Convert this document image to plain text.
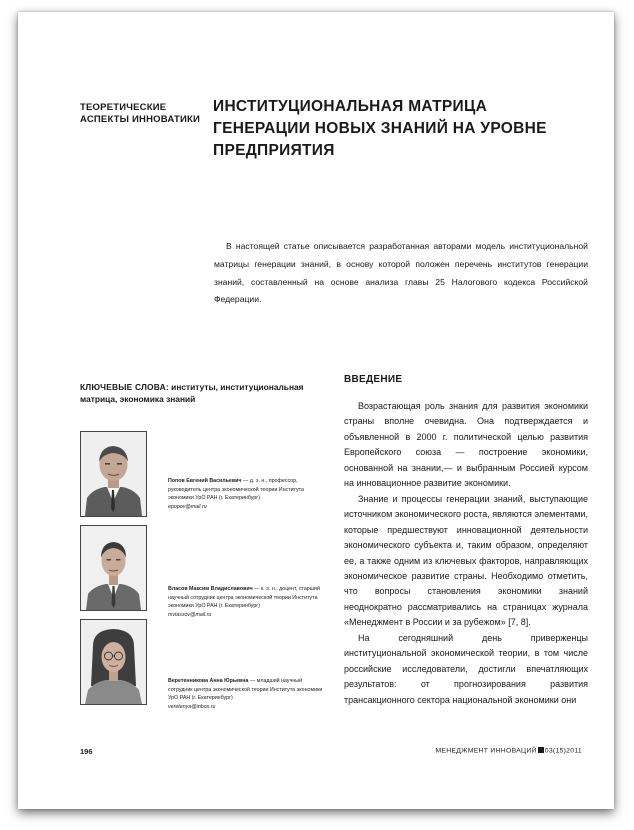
ТЕОРЕТИЧЕСКИЕ АСПЕКТЫ ИННОВАТИКИ
ИНСТИТУЦИОНАЛЬНАЯ МАТРИЦА ГЕНЕРАЦИИ НОВЫХ ЗНАНИЙ НА УРОВНЕ ПРЕДПРИЯТИЯ
В настоящей статье описывается разработанная авторами модель институциональной матрицы генерации знаний, в основу которой положен перечень институтов генерации знаний, составленный на основе анализа главы 25 Налогового кодекса Российской Федерации.
КЛЮЧЕВЫЕ СЛОВА: институты, институциональная матрица, экономика знаний
Попов Евгений Васильевич — д. э. н., профессор, руководитель центра экономической теории Института экономики УрО РАН (г. Екатеринбург)
epopov@mail.ru
Власов Максим Владиславович — к. э. н., доцент, старший научный сотрудник центра экономической теории Института экономики УрО РАН (г. Екатеринбург)
mvlassov@mail.ru
Веретенникова Анна Юрьевна — младший научный сотрудник центра экономической теории Института экономики УрО РАН (г. Екатеринбург)
veretenya@inbox.ru
ВВЕДЕНИЕ

Возрастающая роль знания для развития экономики страны вполне очевидна. Она подтверждается и объявленной в 2000 г. политической целью развития Европейского союза — построение экономики, основанной на знании,— и выбранным Россией курсом на инновационное развитие экономики.

Знание и процессы генерации знаний, выступающие источником экономического роста, являются элементами, которые предшествуют инновационной деятельности экономического субъекта и, таким образом, определяют ее, а также одним из ключевых факторов, направляющих экономическое развитие страны. Необходимо отметить, что вопросы становления экономики знаний неоднократно рассматривались на страницах журнала «Менеджмент в России и за рубежом» [7, 8].

На сегодняшний день приверженцы институциональной экономической теории, в том числе российские исследователи, достигли впечатляющих результатов: от прогнозирования развития трансакционного сектора национальной экономики они

196	МЕНЕДЖМЕНТ ИННОВАЦИЙ 03(15)2011
